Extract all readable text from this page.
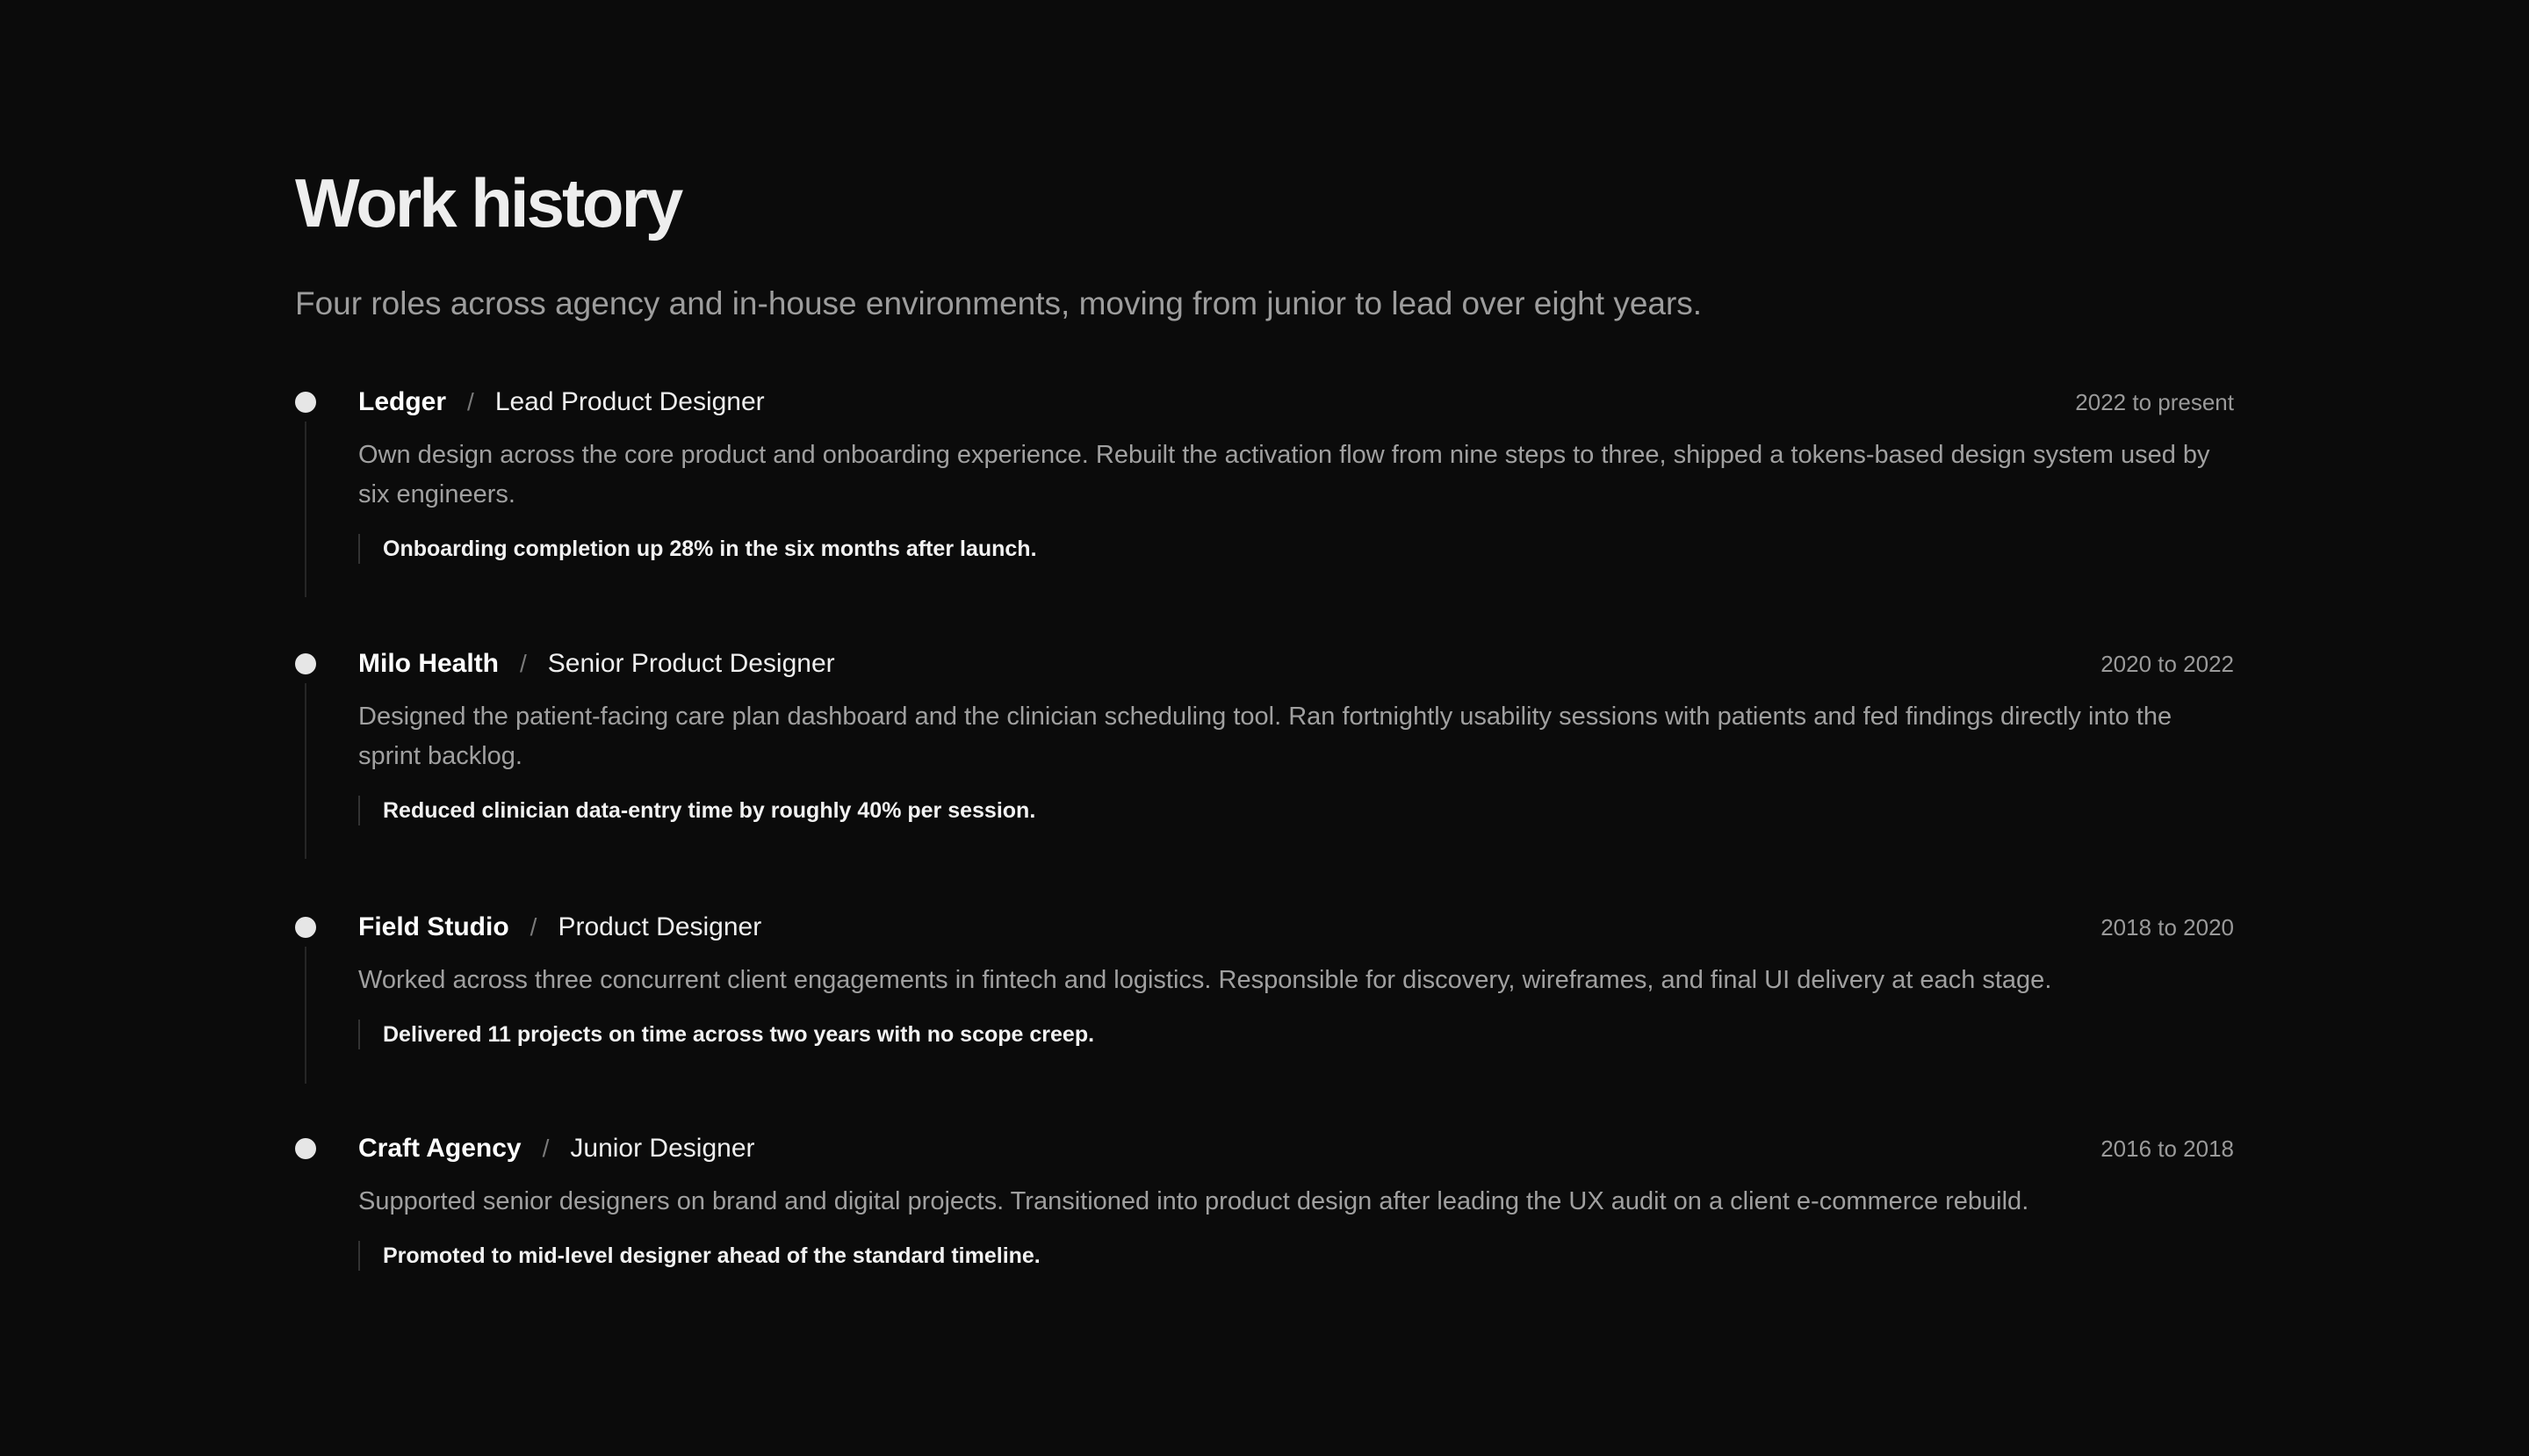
Work history

Four roles across agency and in-house environments, moving from junior to lead over eight years.

Ledger / Lead Product Designer	2022 to present

Own design across the core product and onboarding experience. Rebuilt the activation flow from nine steps to three, shipped a tokens-based design system used by six engineers.

Onboarding completion up 28% in the six months after launch.
Milo Health / Senior Product Designer	2020 to 2022

Designed the patient-facing care plan dashboard and the clinician scheduling tool. Ran fortnightly usability sessions with patients and fed findings directly into the sprint backlog.

Reduced clinician data-entry time by roughly 40% per session.
Field Studio / Product Designer	2018 to 2020

Worked across three concurrent client engagements in fintech and logistics. Responsible for discovery, wireframes, and final UI delivery at each stage.

Delivered 11 projects on time across two years with no scope creep.
Craft Agency / Junior Designer	2016 to 2018

Supported senior designers on brand and digital projects. Transitioned into product design after leading the UX audit on a client e-commerce rebuild.

Promoted to mid-level designer ahead of the standard timeline.
